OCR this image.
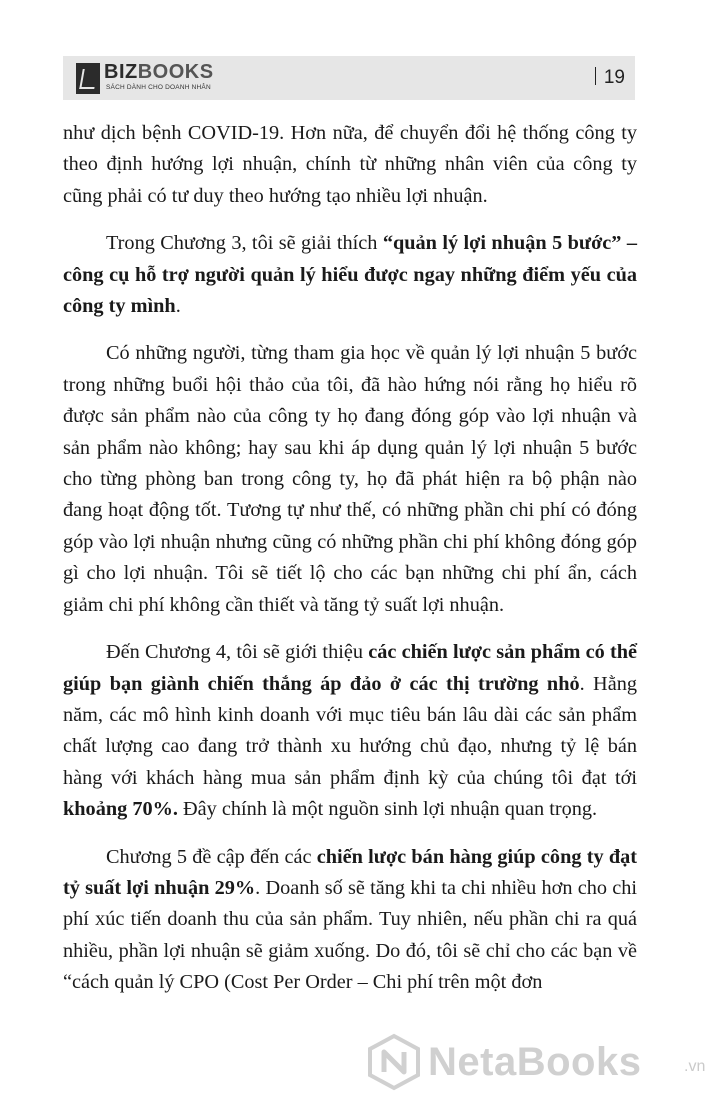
BIZBOOKS
SÁCH DÀNH CHO DOANH NHÂN	19

như dịch bệnh COVID-19. Hơn nữa, để chuyển đổi hệ thống công ty theo định hướng lợi nhuận, chính từ những nhân viên của công ty cũng phải có tư duy theo hướng tạo nhiều lợi nhuận.

Trong Chương 3, tôi sẽ giải thích “quản lý lợi nhuận 5 bước” – công cụ hỗ trợ người quản lý hiểu được ngay những điểm yếu của công ty mình.

Có những người, từng tham gia học về quản lý lợi nhuận 5 bước trong những buổi hội thảo của tôi, đã hào hứng nói rằng họ hiểu rõ được sản phẩm nào của công ty họ đang đóng góp vào lợi nhuận và sản phẩm nào không; hay sau khi áp dụng quản lý lợi nhuận 5 bước cho từng phòng ban trong công ty, họ đã phát hiện ra bộ phận nào đang hoạt động tốt. Tương tự như thế, có những phần chi phí có đóng góp vào lợi nhuận nhưng cũng có những phần chi phí không đóng góp gì cho lợi nhuận. Tôi sẽ tiết lộ cho các bạn những chi phí ẩn, cách giảm chi phí không cần thiết và tăng tỷ suất lợi nhuận.

Đến Chương 4, tôi sẽ giới thiệu các chiến lược sản phẩm có thể giúp bạn giành chiến thắng áp đảo ở các thị trường nhỏ. Hằng năm, các mô hình kinh doanh với mục tiêu bán lâu dài các sản phẩm chất lượng cao đang trở thành xu hướng chủ đạo, nhưng tỷ lệ bán hàng với khách hàng mua sản phẩm định kỳ của chúng tôi đạt tới khoảng 70%. Đây chính là một nguồn sinh lợi nhuận quan trọng.

Chương 5 đề cập đến các chiến lược bán hàng giúp công ty đạt tỷ suất lợi nhuận 29%. Doanh số sẽ tăng khi ta chi nhiều hơn cho chi phí xúc tiến doanh thu của sản phẩm. Tuy nhiên, nếu phần chi ra quá nhiều, phần lợi nhuận sẽ giảm xuống. Do đó, tôi sẽ chỉ cho các bạn về “cách quản lý CPO (Cost Per Order – Chi phí trên một đơn

NetaBooks	.vn
